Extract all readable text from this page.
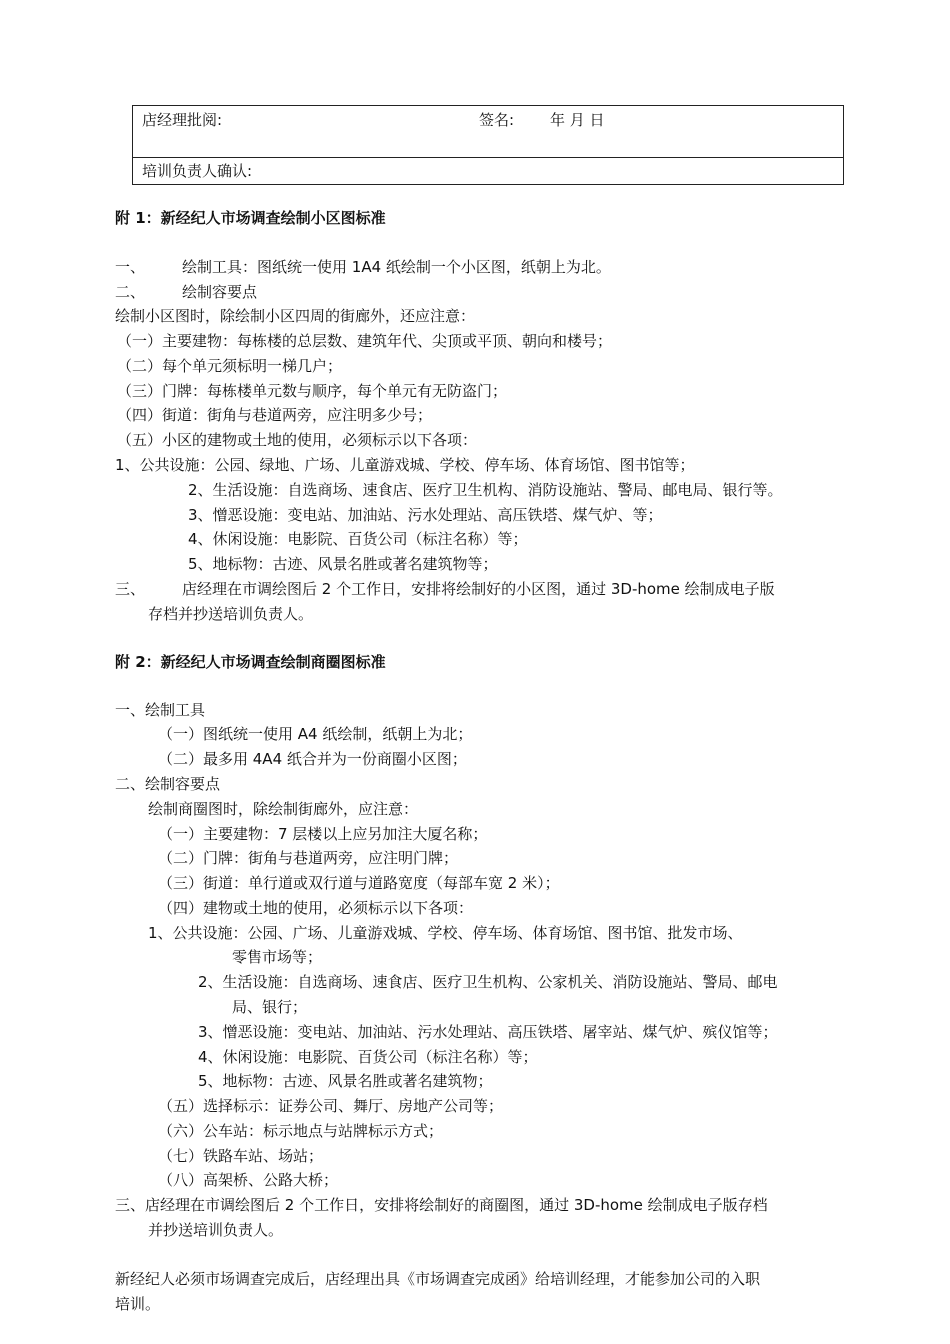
店经理批阅:	签名: 年 月 日
培训负责人确认:
附 1：新经纪人市场调查绘制小区图标准
一、 绘制工具：图纸统一使用 1A4 纸绘制一个小区图，纸朝上为北。
二、 绘制容要点
绘制小区图时，除绘制小区四周的街廊外，还应注意：
（一）主要建物：每栋楼的总层数、建筑年代、尖顶或平顶、朝向和楼号；
（二）每个单元须标明一梯几户；
（三）门牌：每栋楼单元数与顺序，每个单元有无防盗门；
（四）街道：街角与巷道两旁，应注明多少号；
（五）小区的建物或土地的使用，必须标示以下各项：
1、公共设施：公园、绿地、广场、儿童游戏城、学校、停车场、体育场馆、图书馆等；
2、生活设施：自选商场、速食店、医疗卫生机构、消防设施站、警局、邮电局、银行等。
3、憎恶设施：变电站、加油站、污水处理站、高压铁塔、煤气炉、等；
4、休闲设施：电影院、百货公司（标注名称）等；
5、地标物：古迹、风景名胜或著名建筑物等；
三、 店经理在市调绘图后 2 个工作日，安排将绘制好的小区图，通过 3D-home 绘制成电子版
存档并抄送培训负责人。
附 2：新经纪人市场调查绘制商圈图标准
一、绘制工具
（一）图纸统一使用 A4 纸绘制，纸朝上为北；
（二）最多用 4A4 纸合并为一份商圈小区图；
二、绘制容要点
绘制商圈图时，除绘制街廊外，应注意：
（一）主要建物：7 层楼以上应另加注大厦名称；
（二）门牌：街角与巷道两旁，应注明门牌；
（三）街道：单行道或双行道与道路宽度（每部车宽 2 米）；
（四）建物或土地的使用，必须标示以下各项：
1、公共设施：公园、广场、儿童游戏城、学校、停车场、体育场馆、图书馆、批发市场、
零售市场等；
2、生活设施：自选商场、速食店、医疗卫生机构、公家机关、消防设施站、警局、邮电
局、银行；
3、憎恶设施：变电站、加油站、污水处理站、高压铁塔、屠宰站、煤气炉、殡仪馆等；
4、休闲设施：电影院、百货公司（标注名称）等；
5、地标物：古迹、风景名胜或著名建筑物；
（五）选择标示：证券公司、舞厅、房地产公司等；
（六）公车站：标示地点与站牌标示方式；
（七）铁路车站、场站；
（八）高架桥、公路大桥；
三、店经理在市调绘图后 2 个工作日，安排将绘制好的商圈图，通过 3D-home 绘制成电子版存档
并抄送培训负责人。
新经纪人必须市场调查完成后，店经理出具《市场调查完成函》给培训经理，才能参加公司的入职
培训。
